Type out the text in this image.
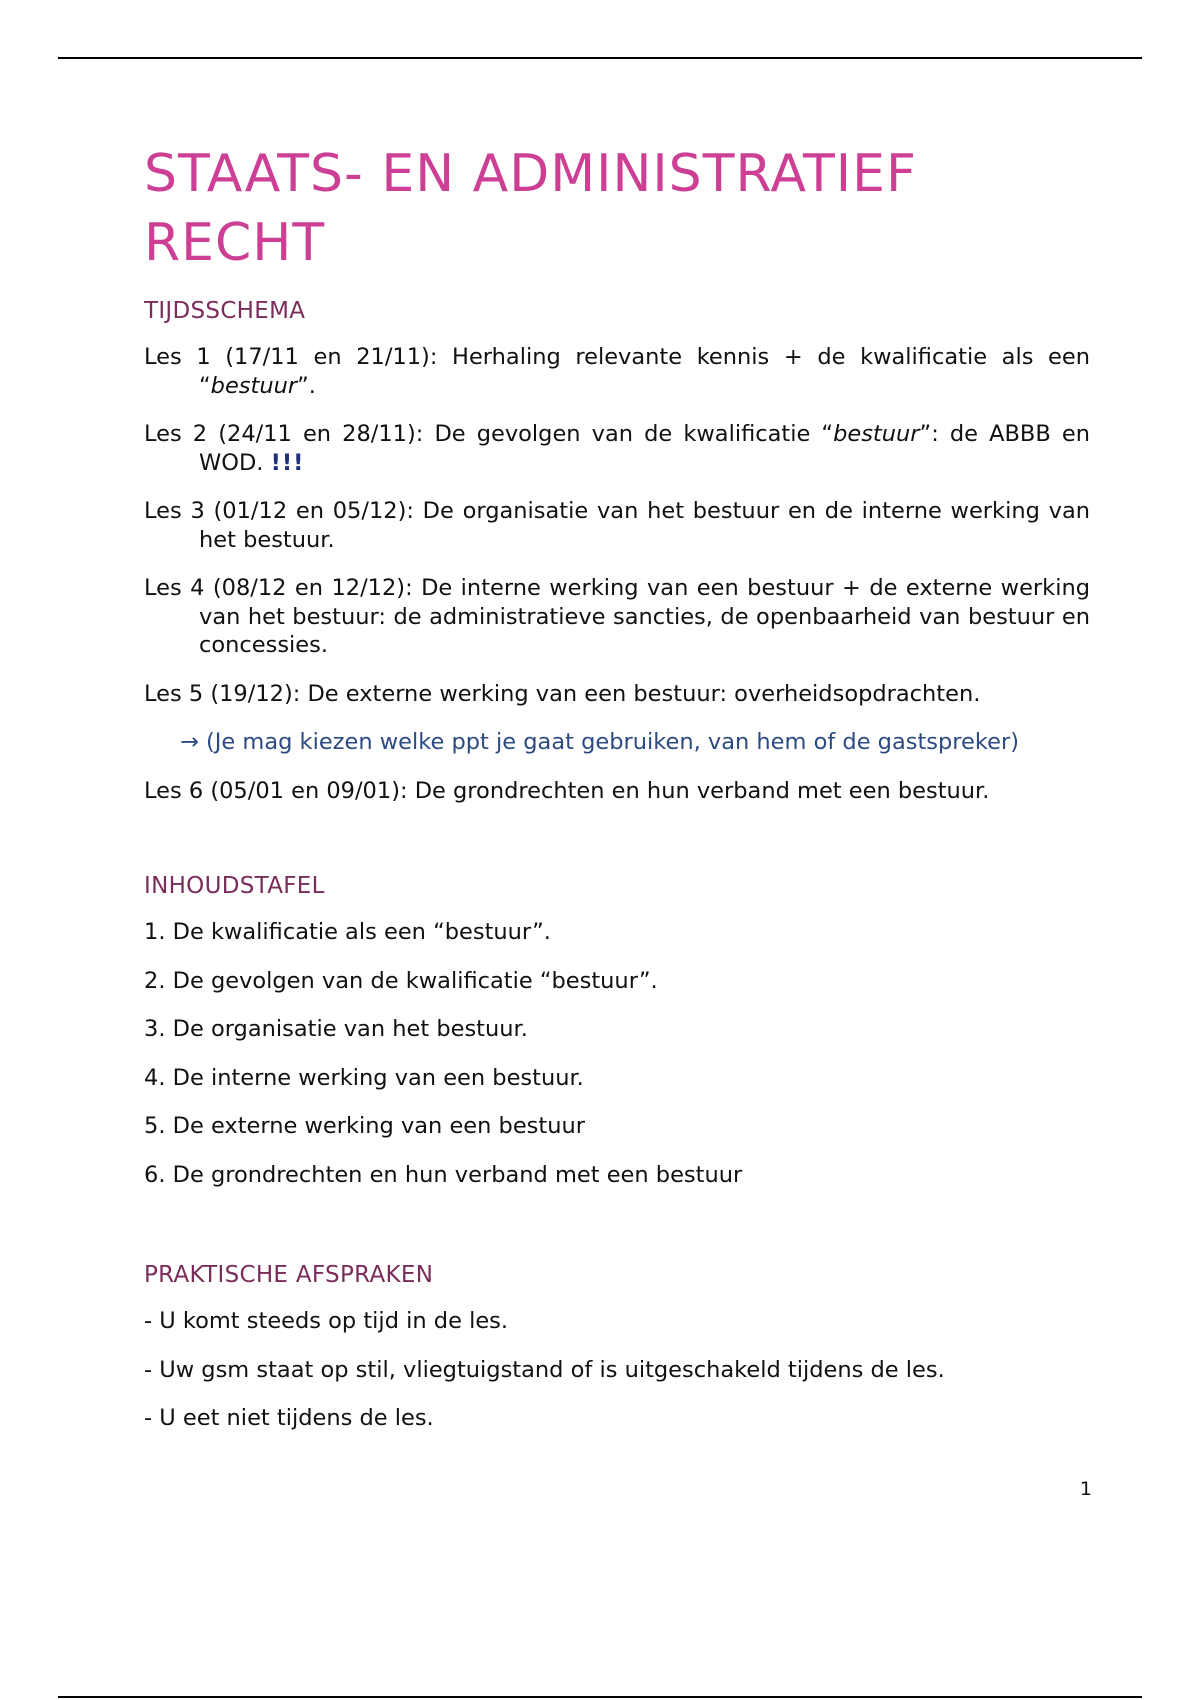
STAATS- EN ADMINISTRATIEF RECHT
TIJDSSCHEMA

Les 1 (17/11 en 21/11): Herhaling relevante kennis + de kwalificatie als een “bestuur”.

Les 2 (24/11 en 28/11): De gevolgen van de kwalificatie “bestuur”: de ABBB en WOD. !!!

Les 3 (01/12 en 05/12): De organisatie van het bestuur en de interne werking van het bestuur.

Les 4 (08/12 en 12/12): De interne werking van een bestuur + de externe werking van het bestuur: de administratieve sancties, de openbaarheid van bestuur en concessies.

Les 5 (19/12): De externe werking van een bestuur: overheidsopdrachten.

→ (Je mag kiezen welke ppt je gaat gebruiken, van hem of de gastspreker)

Les 6 (05/01 en 09/01): De grondrechten en hun verband met een bestuur.

INHOUDSTAFEL

1. De kwalificatie als een “bestuur”.

2. De gevolgen van de kwalificatie “bestuur”.

3. De organisatie van het bestuur.

4. De interne werking van een bestuur.

5. De externe werking van een bestuur

6. De grondrechten en hun verband met een bestuur

PRAKTISCHE AFSPRAKEN

- U komt steeds op tijd in de les.

- Uw gsm staat op stil, vliegtuigstand of is uitgeschakeld tijdens de les.

- U eet niet tijdens de les.

1
